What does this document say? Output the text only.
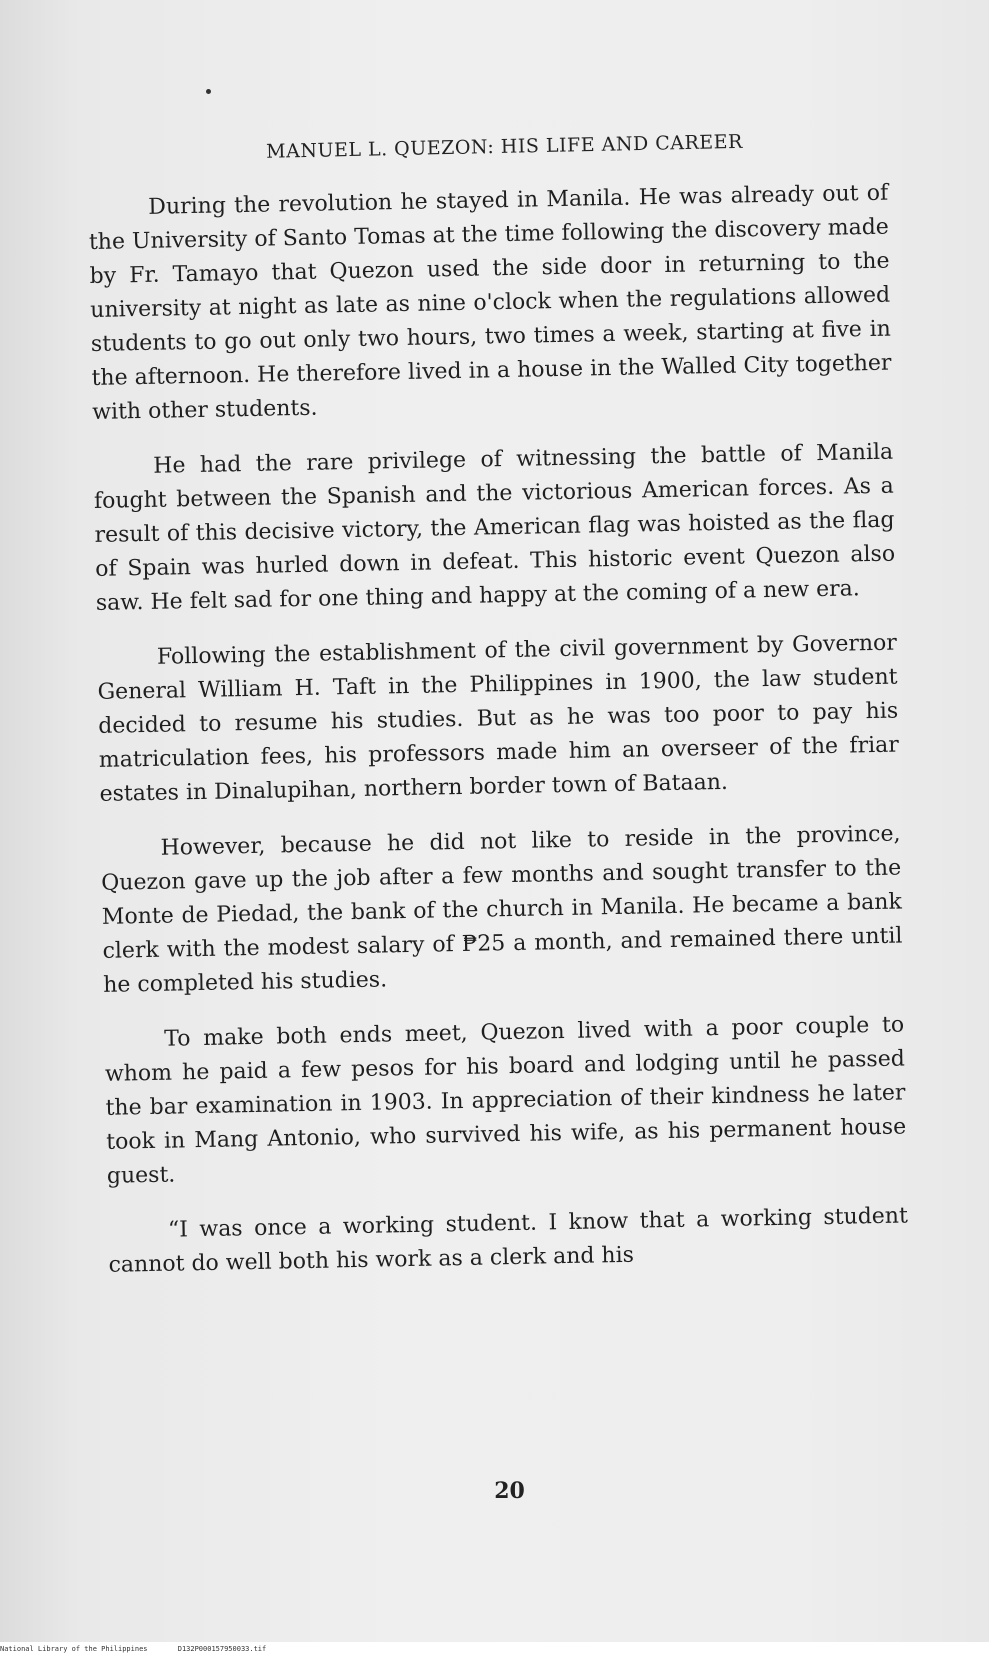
MANUEL L. QUEZON: HIS LIFE AND CAREER

During the revolution he stayed in Manila. He was already out of the University of Santo Tomas at the time following the discovery made by Fr. Tamayo that Quezon used the side door in returning to the university at night as late as nine o'clock when the regulations allowed students to go out only two hours, two times a week, starting at five in the afternoon. He therefore lived in a house in the Walled City together with other students.

He had the rare privilege of witnessing the battle of Manila fought between the Spanish and the victorious American forces. As a result of this decisive victory, the American flag was hoisted as the flag of Spain was hurled down in defeat. This historic event Quezon also saw. He felt sad for one thing and happy at the coming of a new era.

Following the establishment of the civil government by Governor General William H. Taft in the Philippines in 1900, the law student decided to resume his studies. But as he was too poor to pay his matriculation fees, his professors made him an overseer of the friar estates in Dinalupihan, northern border town of Bataan.

However, because he did not like to reside in the province, Quezon gave up the job after a few months and sought transfer to the Monte de Piedad, the bank of the church in Manila. He became a bank clerk with the modest salary of ₱25 a month, and remained there until he completed his studies.

To make both ends meet, Quezon lived with a poor couple to whom he paid a few pesos for his board and lodging until he passed the bar examination in 1903. In appreciation of their kindness he later took in Mang Antonio, who survived his wife, as his permanent house guest.

“I was once a working student. I know that a working student cannot do well both his work as a clerk and his

20
National Library of the Philippines	D132P000157950033.tif
